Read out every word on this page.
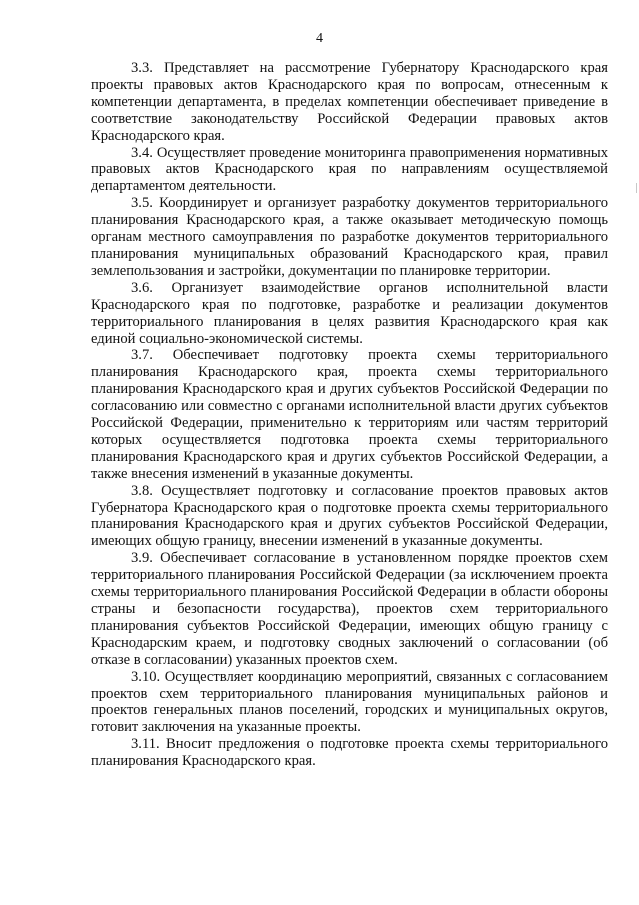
4

3.3. Представляет на рассмотрение Губернатору Краснодарского края проекты правовых актов Краснодарского края по вопросам, отнесенным к компетенции департамента, в пределах компетенции обеспечивает приведение в соответствие законодательству Российской Федерации правовых актов Краснодарского края.

3.4. Осуществляет проведение мониторинга правоприменения нормативных правовых актов Краснодарского края по направлениям осуществляемой департаментом деятельности.

3.5. Координирует и организует разработку документов территориального планирования Краснодарского края, а также оказывает методическую помощь органам местного самоуправления по разработке документов территориального планирования муниципальных образований Краснодарского края, правил землепользования и застройки, документации по планировке территории.

3.6. Организует взаимодействие органов исполнительной власти Краснодарского края по подготовке, разработке и реализации документов территориального планирования в целях развития Краснодарского края как единой социально-экономической системы.

3.7. Обеспечивает подготовку проекта схемы территориального планирования Краснодарского края, проекта схемы территориального планирования Краснодарского края и других субъектов Российской Федерации по согласованию или совместно с органами исполнительной власти других субъектов Российской Федерации, применительно к территориям или частям территорий которых осуществляется подготовка проекта схемы территориального планирования Краснодарского края и других субъектов Российской Федерации, а также внесения изменений в указанные документы.

3.8. Осуществляет подготовку и согласование проектов правовых актов Губернатора Краснодарского края о подготовке проекта схемы территориального планирования Краснодарского края и других субъектов Российской Федерации, имеющих общую границу, внесении изменений в указанные документы.

3.9. Обеспечивает согласование в установленном порядке проектов схем территориального планирования Российской Федерации (за исключением проекта схемы территориального планирования Российской Федерации в области обороны страны и безопасности государства), проектов схем территориального планирования субъектов Российской Федерации, имеющих общую границу с Краснодарским краем, и подготовку сводных заключений о согласовании (об отказе в согласовании) указанных проектов схем.

3.10. Осуществляет координацию мероприятий, связанных с согласованием проектов схем территориального планирования муниципальных районов и проектов генеральных планов поселений, городских и муниципальных округов, готовит заключения на указанные проекты.

3.11. Вносит предложения о подготовке проекта схемы территориального планирования Краснодарского края.
